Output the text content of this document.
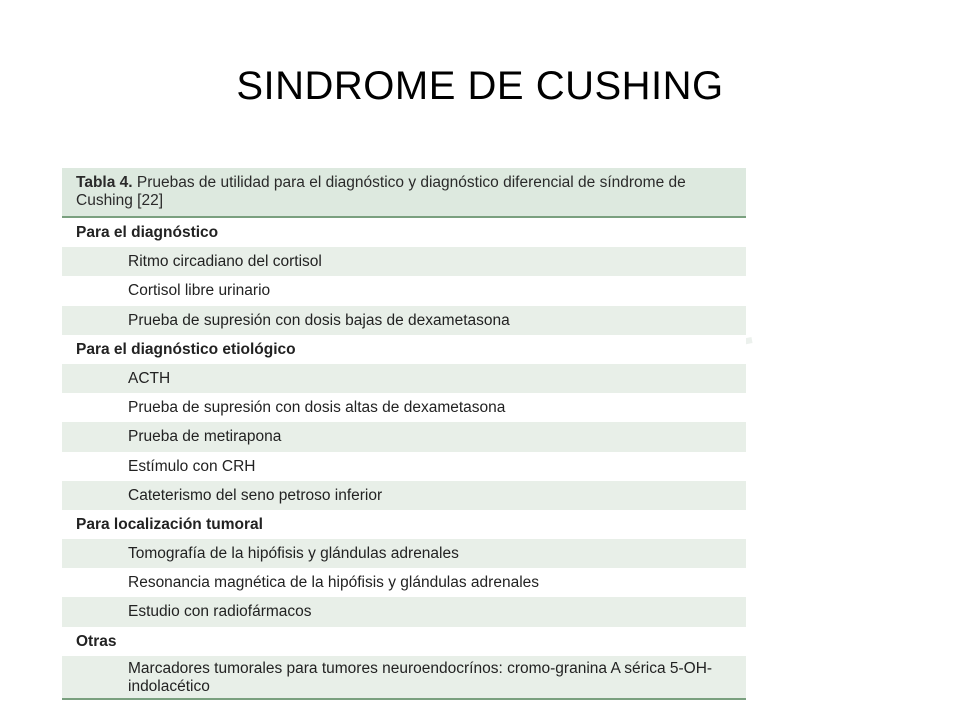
SINDROME DE CUSHING
Tabla 4. Pruebas de utilidad para el diagnóstico y diagnóstico diferencial de síndrome de Cushing [22]
Para el diagnóstico
Ritmo circadiano del cortisol
Cortisol libre urinario
Prueba de supresión con dosis bajas de dexametasona
Para el diagnóstico etiológico
ACTH
Prueba de supresión con dosis altas de dexametasona
Prueba de metirapona
Estímulo con CRH
Cateterismo del seno petroso inferior
Para localización tumoral
Tomografía de la hipófisis y glándulas adrenales
Resonancia magnética de la hipófisis y glándulas adrenales
Estudio con radiofármacos
Otras
Marcadores tumorales para tumores neuroendocrínos: cromo-granina A sérica 5-OH-indolacético
